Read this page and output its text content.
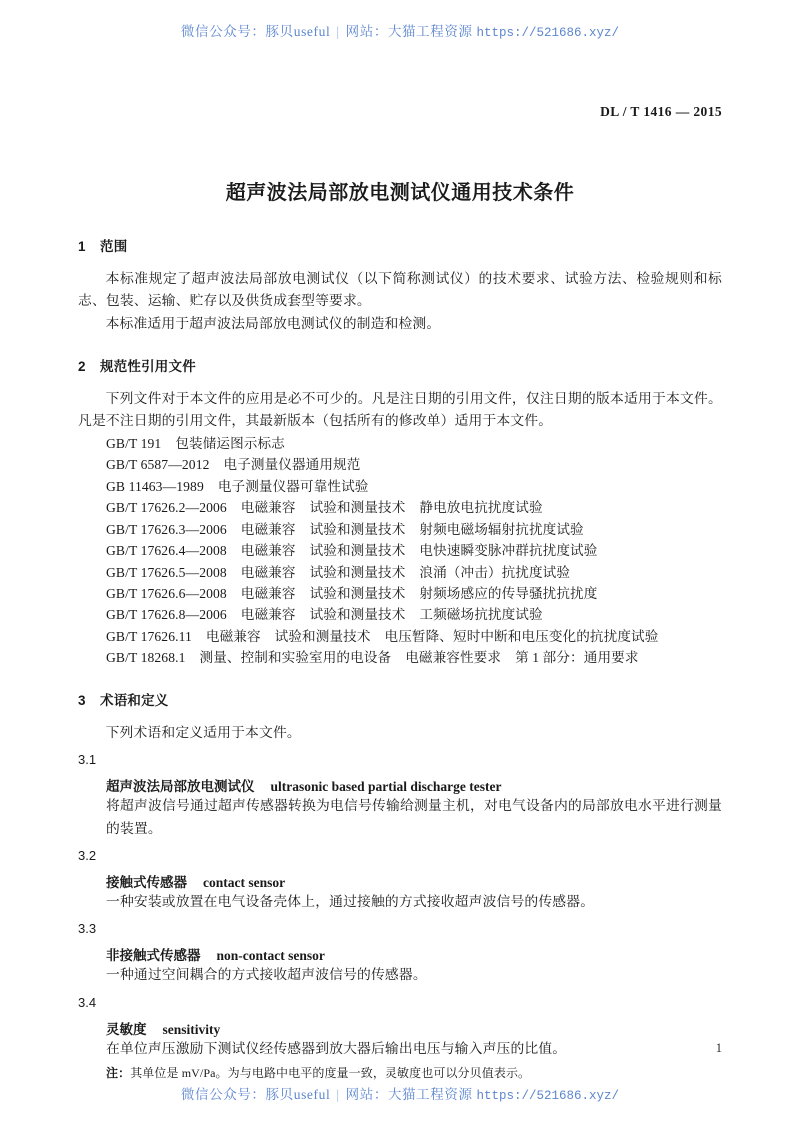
微信公众号：豚贝useful | 网站：大猫工程资源 https://521686.xyz/
DL / T 1416 — 2015
超声波法局部放电测试仪通用技术条件
1 范围

本标准规定了超声波法局部放电测试仪（以下简称测试仪）的技术要求、试验方法、检验规则和标志、包装、运输、贮存以及供货成套型等要求。

本标准适用于超声波法局部放电测试仪的制造和检测。

2 规范性引用文件

下列文件对于本文件的应用是必不可少的。凡是注日期的引用文件，仅注日期的版本适用于本文件。凡是不注日期的引用文件，其最新版本（包括所有的修改单）适用于本文件。

GB/T 191 包装储运图示标志
GB/T 6587—2012 电子测量仪器通用规范
GB 11463—1989 电子测量仪器可靠性试验
GB/T 17626.2—2006 电磁兼容 试验和测量技术 静电放电抗扰度试验
GB/T 17626.3—2006 电磁兼容 试验和测量技术 射频电磁场辐射抗扰度试验
GB/T 17626.4—2008 电磁兼容 试验和测量技术 电快速瞬变脉冲群抗扰度试验
GB/T 17626.5—2008 电磁兼容 试验和测量技术 浪涌（冲击）抗扰度试验
GB/T 17626.6—2008 电磁兼容 试验和测量技术 射频场感应的传导骚扰抗扰度
GB/T 17626.8—2006 电磁兼容 试验和测量技术 工频磁场抗扰度试验
GB/T 17626.11 电磁兼容 试验和测量技术 电压暂降、短时中断和电压变化的抗扰度试验
GB/T 18268.1 测量、控制和实验室用的电设备 电磁兼容性要求 第 1 部分：通用要求
3 术语和定义

下列术语和定义适用于本文件。

3.1
超声波法局部放电测试仪 ultrasonic based partial discharge tester

将超声波信号通过超声传感器转换为电信号传输给测量主机，对电气设备内的局部放电水平进行测量的装置。

3.2
接触式传感器 contact sensor

一种安装或放置在电气设备壳体上，通过接触的方式接收超声波信号的传感器。

3.3
非接触式传感器 non-contact sensor

一种通过空间耦合的方式接收超声波信号的传感器。

3.4
灵敏度 sensitivity

在单位声压激励下测试仪经传感器到放大器后输出电压与输入声压的比值。

注：其单位是 mV/Pa。为与电路中电平的度量一致，灵敏度也可以分贝值表示。

1
微信公众号：豚贝useful | 网站：大猫工程资源 https://521686.xyz/
